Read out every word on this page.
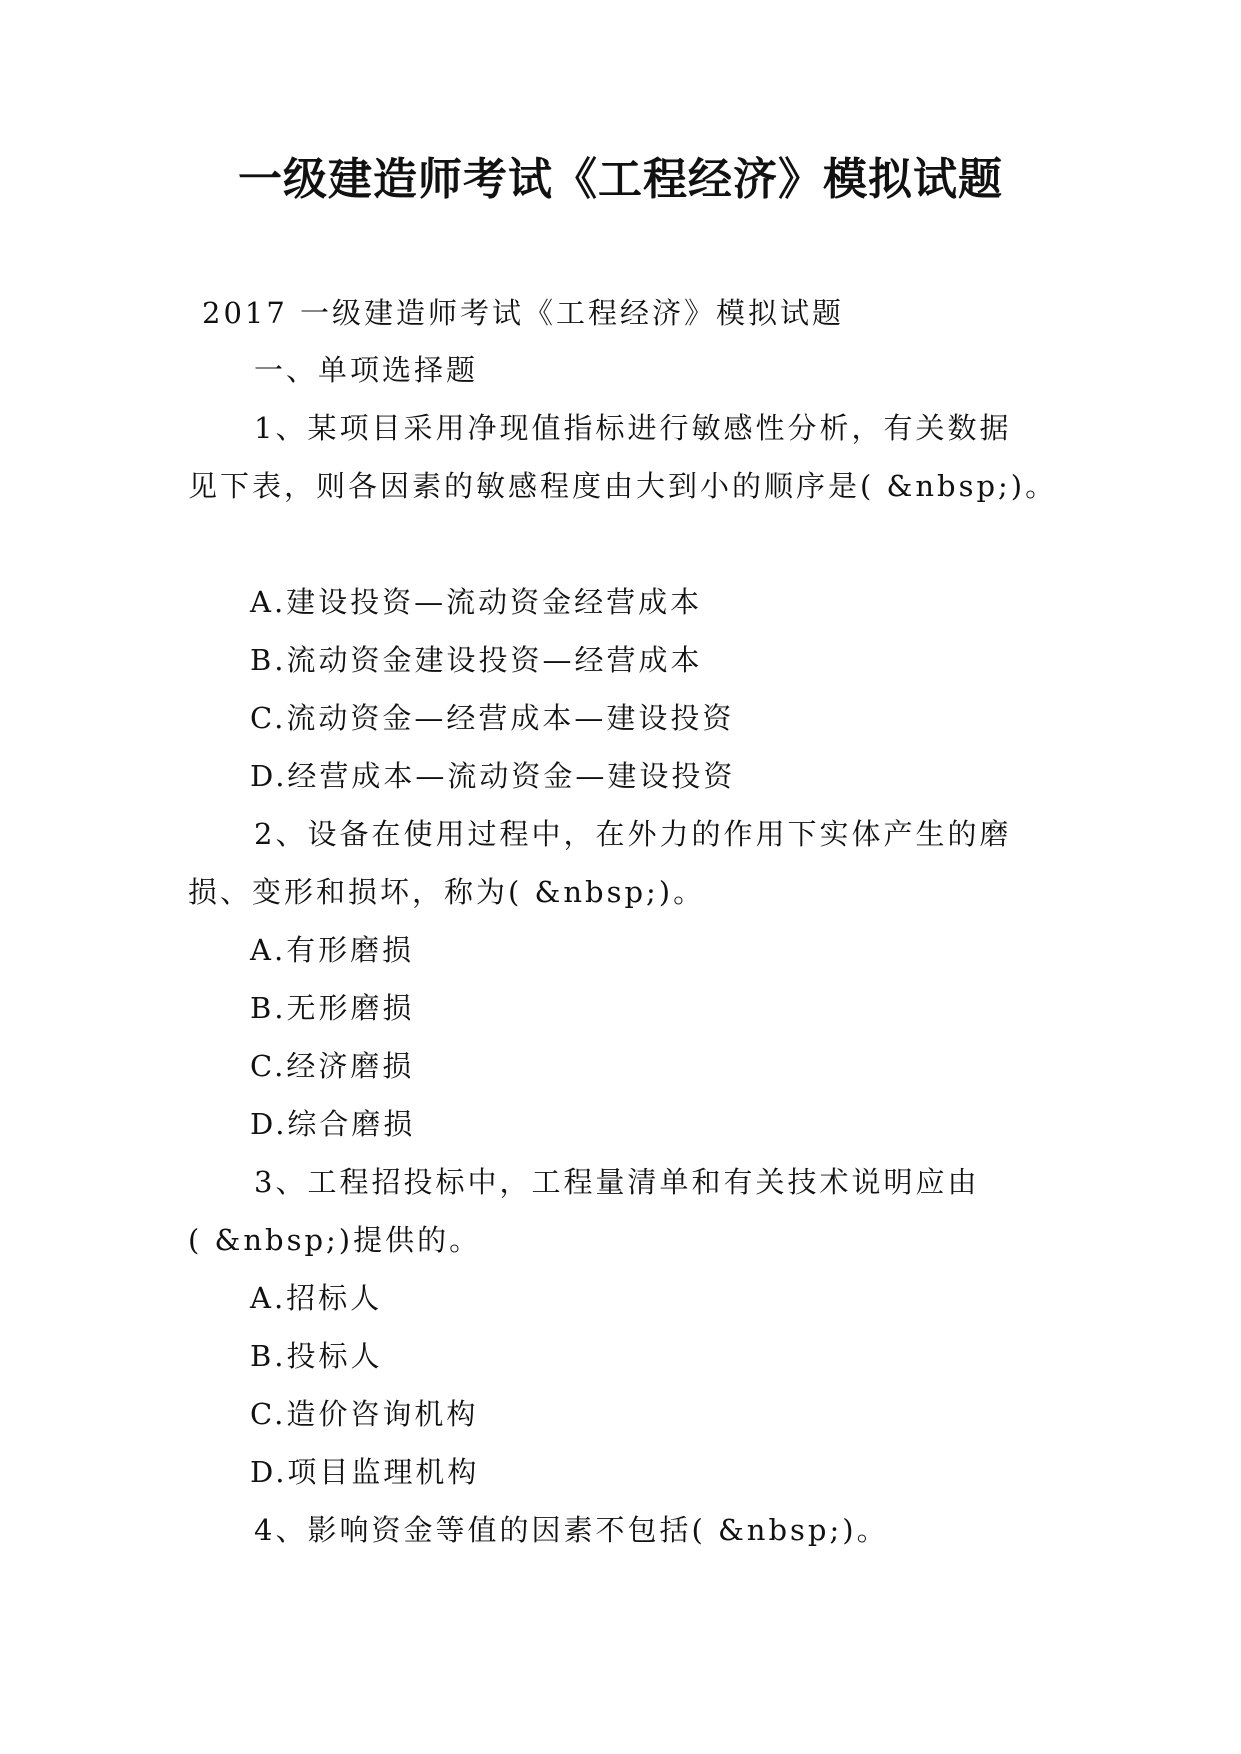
一级建造师考试《工程经济》模拟试题
2017 一级建造师考试《工程经济》模拟试题
一、单项选择题
1、某项目采用净现值指标进行敏感性分析，有关数据
见下表，则各因素的敏感程度由大到小的顺序是( &nbsp;)。
A.建设投资—流动资金经营成本
B.流动资金建设投资—经营成本
C.流动资金—经营成本—建设投资
D.经营成本—流动资金—建设投资
2、设备在使用过程中，在外力的作用下实体产生的磨
损、变形和损坏，称为( &nbsp;)。
A.有形磨损
B.无形磨损
C.经济磨损
D.综合磨损
3、工程招投标中，工程量清单和有关技术说明应由
( &nbsp;)提供的。
A.招标人
B.投标人
C.造价咨询机构
D.项目监理机构
4、影响资金等值的因素不包括( &nbsp;)。
